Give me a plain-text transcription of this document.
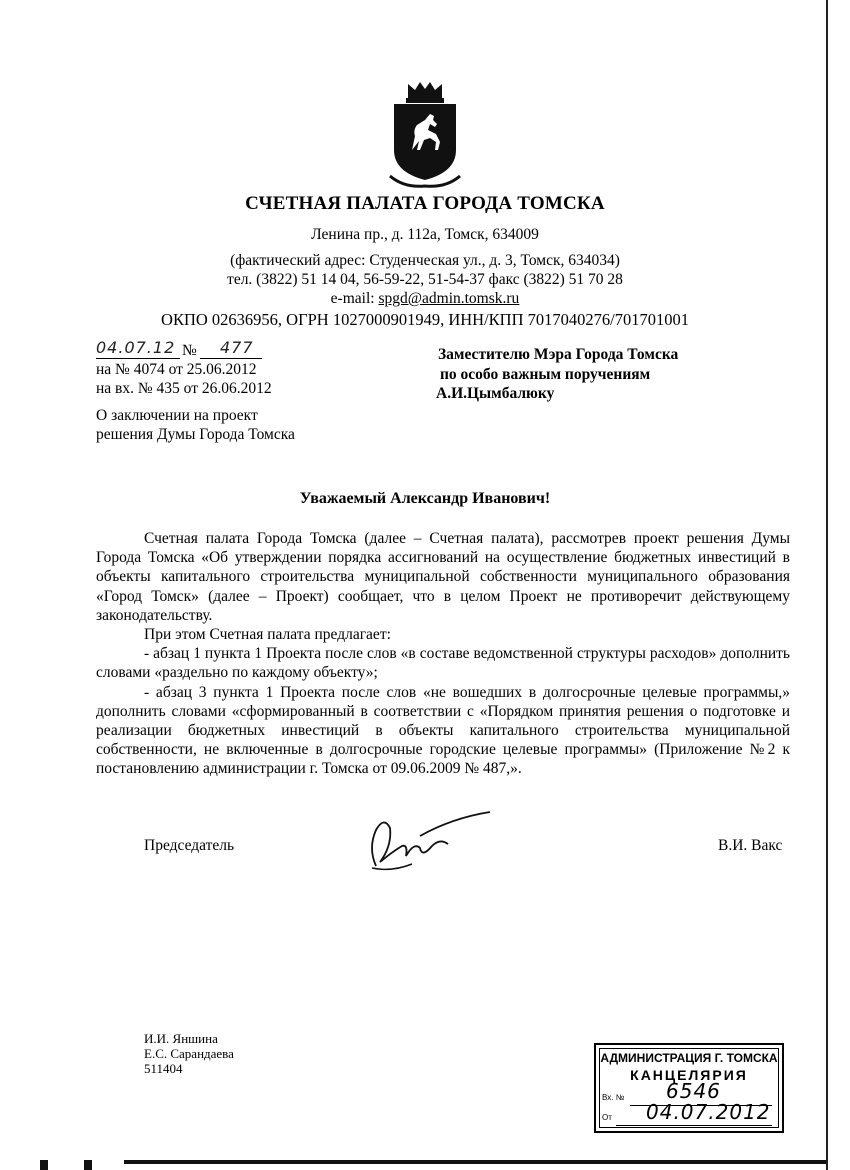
СЧЕТНАЯ ПАЛАТА ГОРОДА ТОМСКА
Ленина пр., д. 112а, Томск, 634009
(фактический адрес: Студенческая ул., д. 3, Томск, 634034)
тел. (3822) 51 14 04, 56-59-22, 51-54-37 факс (3822) 51 70 28
e-mail: spgd@admin.tomsk.ru
ОКПО 02636956, ОГРН 1027000901949, ИНН/КПП 7017040276/701701001
04.07.12 №	477
на № 4074 от 25.06.2012
на вх. № 435 от 26.06.2012
Заместителю Мэра Города Томска
по особо важным поручениям
А.И.Цымбалюку
О заключении на проект
решения Думы Города Томска
Уважаемый Александр Иванович!

Счетная палата Города Томска (далее – Счетная палата), рассмотрев проект решения Думы Города Томска «Об утверждении порядка ассигнований на осуществление бюджетных инвестиций в объекты капитального строительства муниципальной собственности муниципального образования «Город Томск» (далее – Проект) сообщает, что в целом Проект не противоречит действующему законодательству.

При этом Счетная палата предлагает:

- абзац 1 пункта 1 Проекта после слов «в составе ведомственной структуры расходов» дополнить словами «раздельно по каждому объекту»;

- абзац 3 пункта 1 Проекта после слов «не вошедших в долгосрочные целевые программы,» дополнить словами «сформированный в соответствии с «Порядком принятия решения о подготовке и реализации бюджетных инвестиций в объекты капитального строительства муниципальной собственности, не включенные в долгосрочные городские целевые программы» (Приложение №2 к постановлению администрации г. Томска от 09.06.2009 № 487,».

Председатель	В.И. Вакс
И.И. Яншина
Е.С. Сарандаева
511404
АДМИНИСТРАЦИЯ Г. ТОМСКА
КАНЦЕЛЯРИЯ
Вх. № 6546
От 04.07.2012
